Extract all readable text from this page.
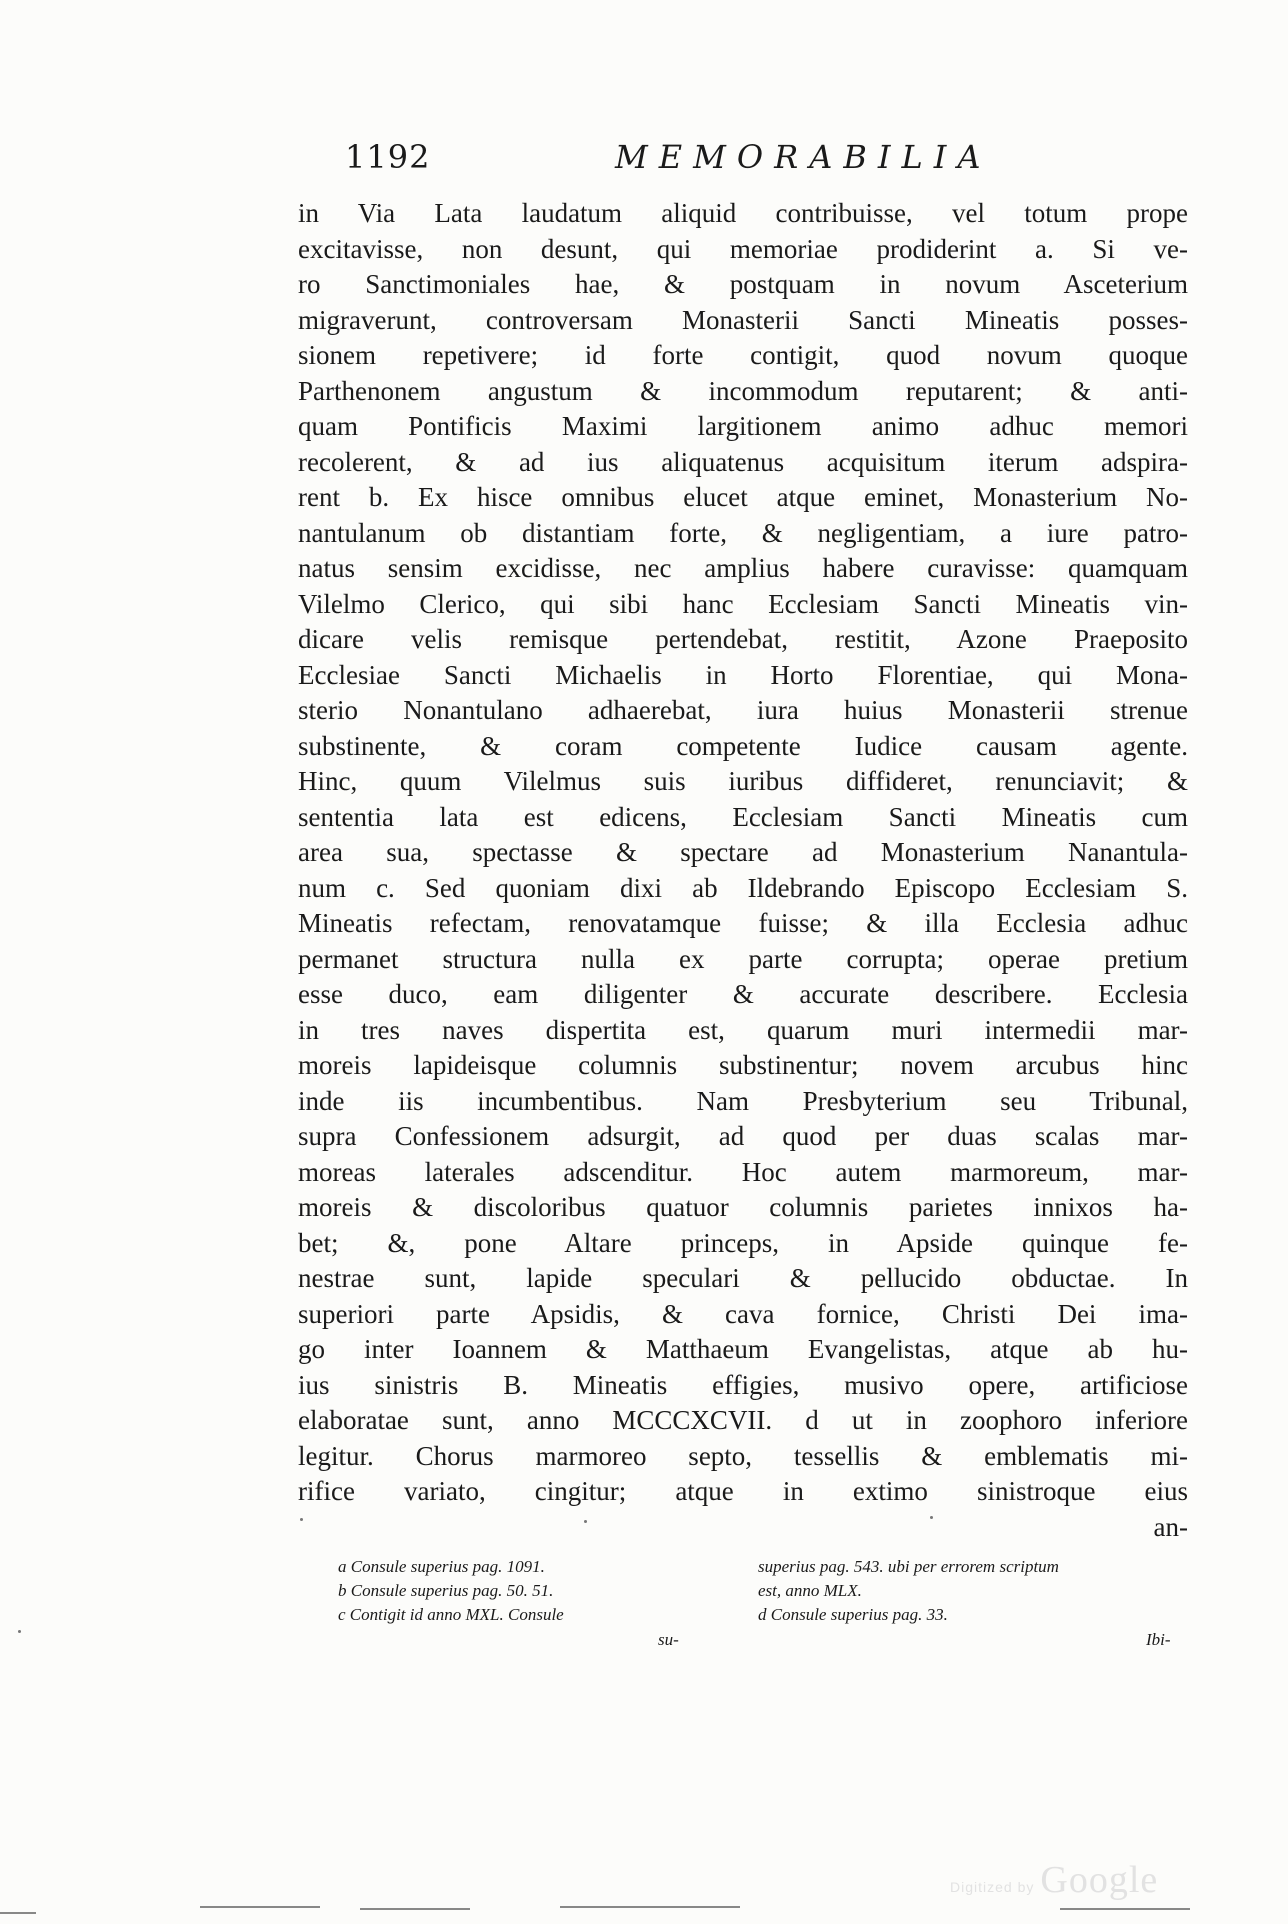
1192	MEMORABILIA
in Via Lata laudatum aliquid contribuisse, vel totum prope
excitavisse, non desunt, qui memoriae prodiderint a. Si ve-
ro Sanctimoniales hae, & postquam in novum Asceterium
migraverunt, controversam Monasterii Sancti Mineatis posses-
sionem repetivere; id forte contigit, quod novum quoque
Parthenonem angustum & incommodum reputarent; & anti-
quam Pontificis Maximi largitionem animo adhuc memori
recolerent, & ad ius aliquatenus acquisitum iterum adspira-
rent b. Ex hisce omnibus elucet atque eminet, Monasterium No-
nantulanum ob distantiam forte, & negligentiam, a iure patro-
natus sensim excidisse, nec amplius habere curavisse: quamquam
Vilelmo Clerico, qui sibi hanc Ecclesiam Sancti Mineatis vin-
dicare velis remisque pertendebat, restitit, Azone Praeposito
Ecclesiae Sancti Michaelis in Horto Florentiae, qui Mona-
sterio Nonantulano adhaerebat, iura huius Monasterii strenue
substinente, & coram competente Iudice causam agente.
Hinc, quum Vilelmus suis iuribus diffideret, renunciavit; &
sententia lata est edicens, Ecclesiam Sancti Mineatis cum
area sua, spectasse & spectare ad Monasterium Nanantula-
num c. Sed quoniam dixi ab Ildebrando Episcopo Ecclesiam S.
Mineatis refectam, renovatamque fuisse; & illa Ecclesia adhuc
permanet structura nulla ex parte corrupta; operae pretium
esse duco, eam diligenter & accurate describere. Ecclesia
in tres naves dispertita est, quarum muri intermedii mar-
moreis lapideisque columnis substinentur; novem arcubus hinc
inde iis incumbentibus. Nam Presbyterium seu Tribunal,
supra Confessionem adsurgit, ad quod per duas scalas mar-
moreas laterales adscenditur. Hoc autem marmoreum, mar-
moreis & discoloribus quatuor columnis parietes innixos ha-
bet; &, pone Altare princeps, in Apside quinque fe-
nestrae sunt, lapide speculari & pellucido obductae. In
superiori parte Apsidis, & cava fornice, Christi Dei ima-
go inter Ioannem & Matthaeum Evangelistas, atque ab hu-
ius sinistris B. Mineatis effigies, musivo opere, artificiose
elaboratae sunt, anno MCCCXCVII. d ut in zoophoro inferiore
legitur. Chorus marmoreo septo, tessellis & emblematis mi-
rifice variato, cingitur; atque in extimo sinistroque eius
an-
a Consule superius pag. 1091.
b Consule superius pag. 50. 51.
c Contigit id anno MXL. Consule
su-
superius pag. 543. ubi per errorem scriptum
est, anno MLX.
d Consule superius pag. 33.
Ibi-
Digitized by Google
